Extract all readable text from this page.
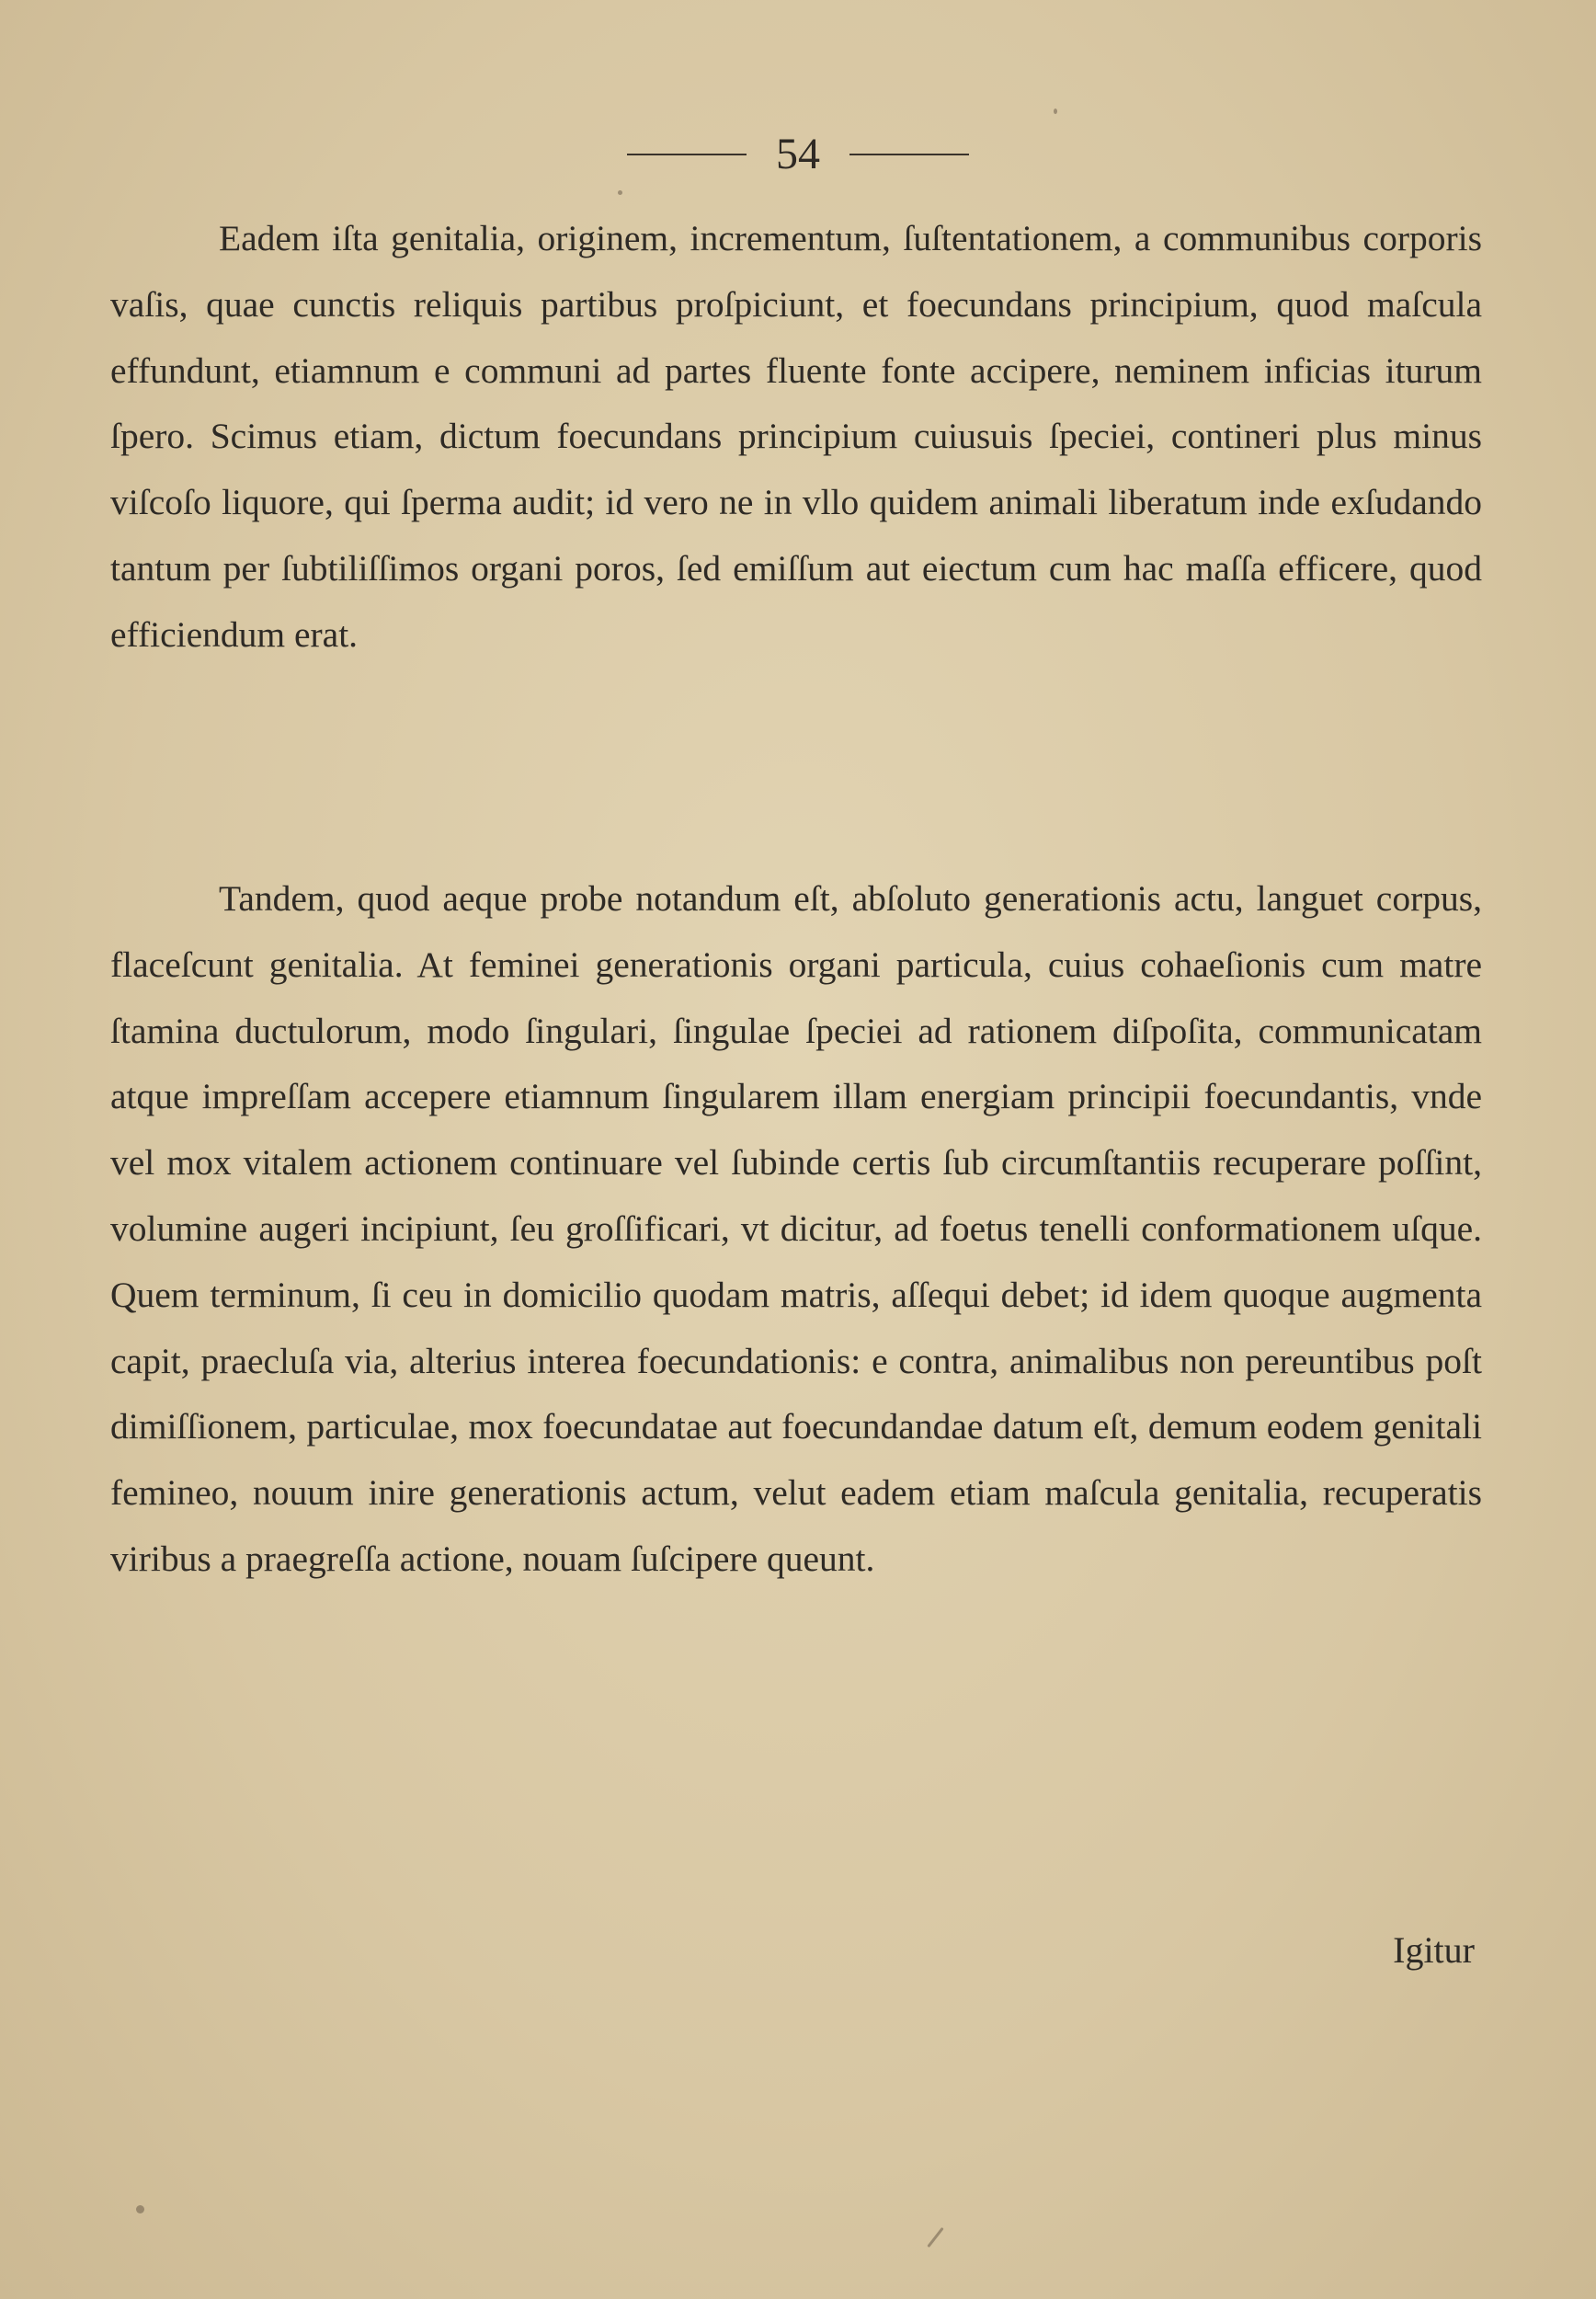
54

Eadem iſta genitalia, originem, incrementum, ſuſtentationem, a communibus corporis vaſis, quae cunctis reliquis partibus proſpiciunt, et foecundans principium, quod maſcula effundunt, etiamnum e communi ad partes fluente fonte accipere, neminem inficias iturum ſpero. Scimus etiam, dictum foecundans principium cuiusuis ſpeciei, contineri plus minus viſcoſo liquore, qui ſperma audit; id vero ne in vllo quidem animali liberatum inde exſudando tantum per ſubtiliſſimos organi poros, ſed emiſſum aut eiectum cum hac maſſa efficere, quod efficiendum erat.

Tandem, quod aeque probe notandum eſt, abſoluto generationis actu, languet corpus, flaceſcunt genitalia. At feminei generationis organi particula, cuius cohaeſionis cum matre ſtamina ductulorum, modo ſingulari, ſingulae ſpeciei ad rationem diſpoſita, communicatam atque impreſſam accepere etiamnum ſingularem illam energiam principii foecundantis, vnde vel mox vitalem actionem continuare vel ſubinde certis ſub circumſtantiis recuperare poſſint, volumine augeri incipiunt, ſeu groſſificari, vt dicitur, ad foetus tenelli conformationem uſque. Quem terminum, ſi ceu in domicilio quodam matris, aſſequi debet; id idem quoque augmenta capit, praecluſa via, alterius interea foecundationis: e contra, animalibus non pereuntibus poſt dimiſſionem, particulae, mox foecundatae aut foecundandae datum eſt, demum eodem genitali femineo, nouum inire generationis actum, velut eadem etiam maſcula genitalia, recuperatis viribus a praegreſſa actione, nouam ſuſcipere queunt.

Igitur
